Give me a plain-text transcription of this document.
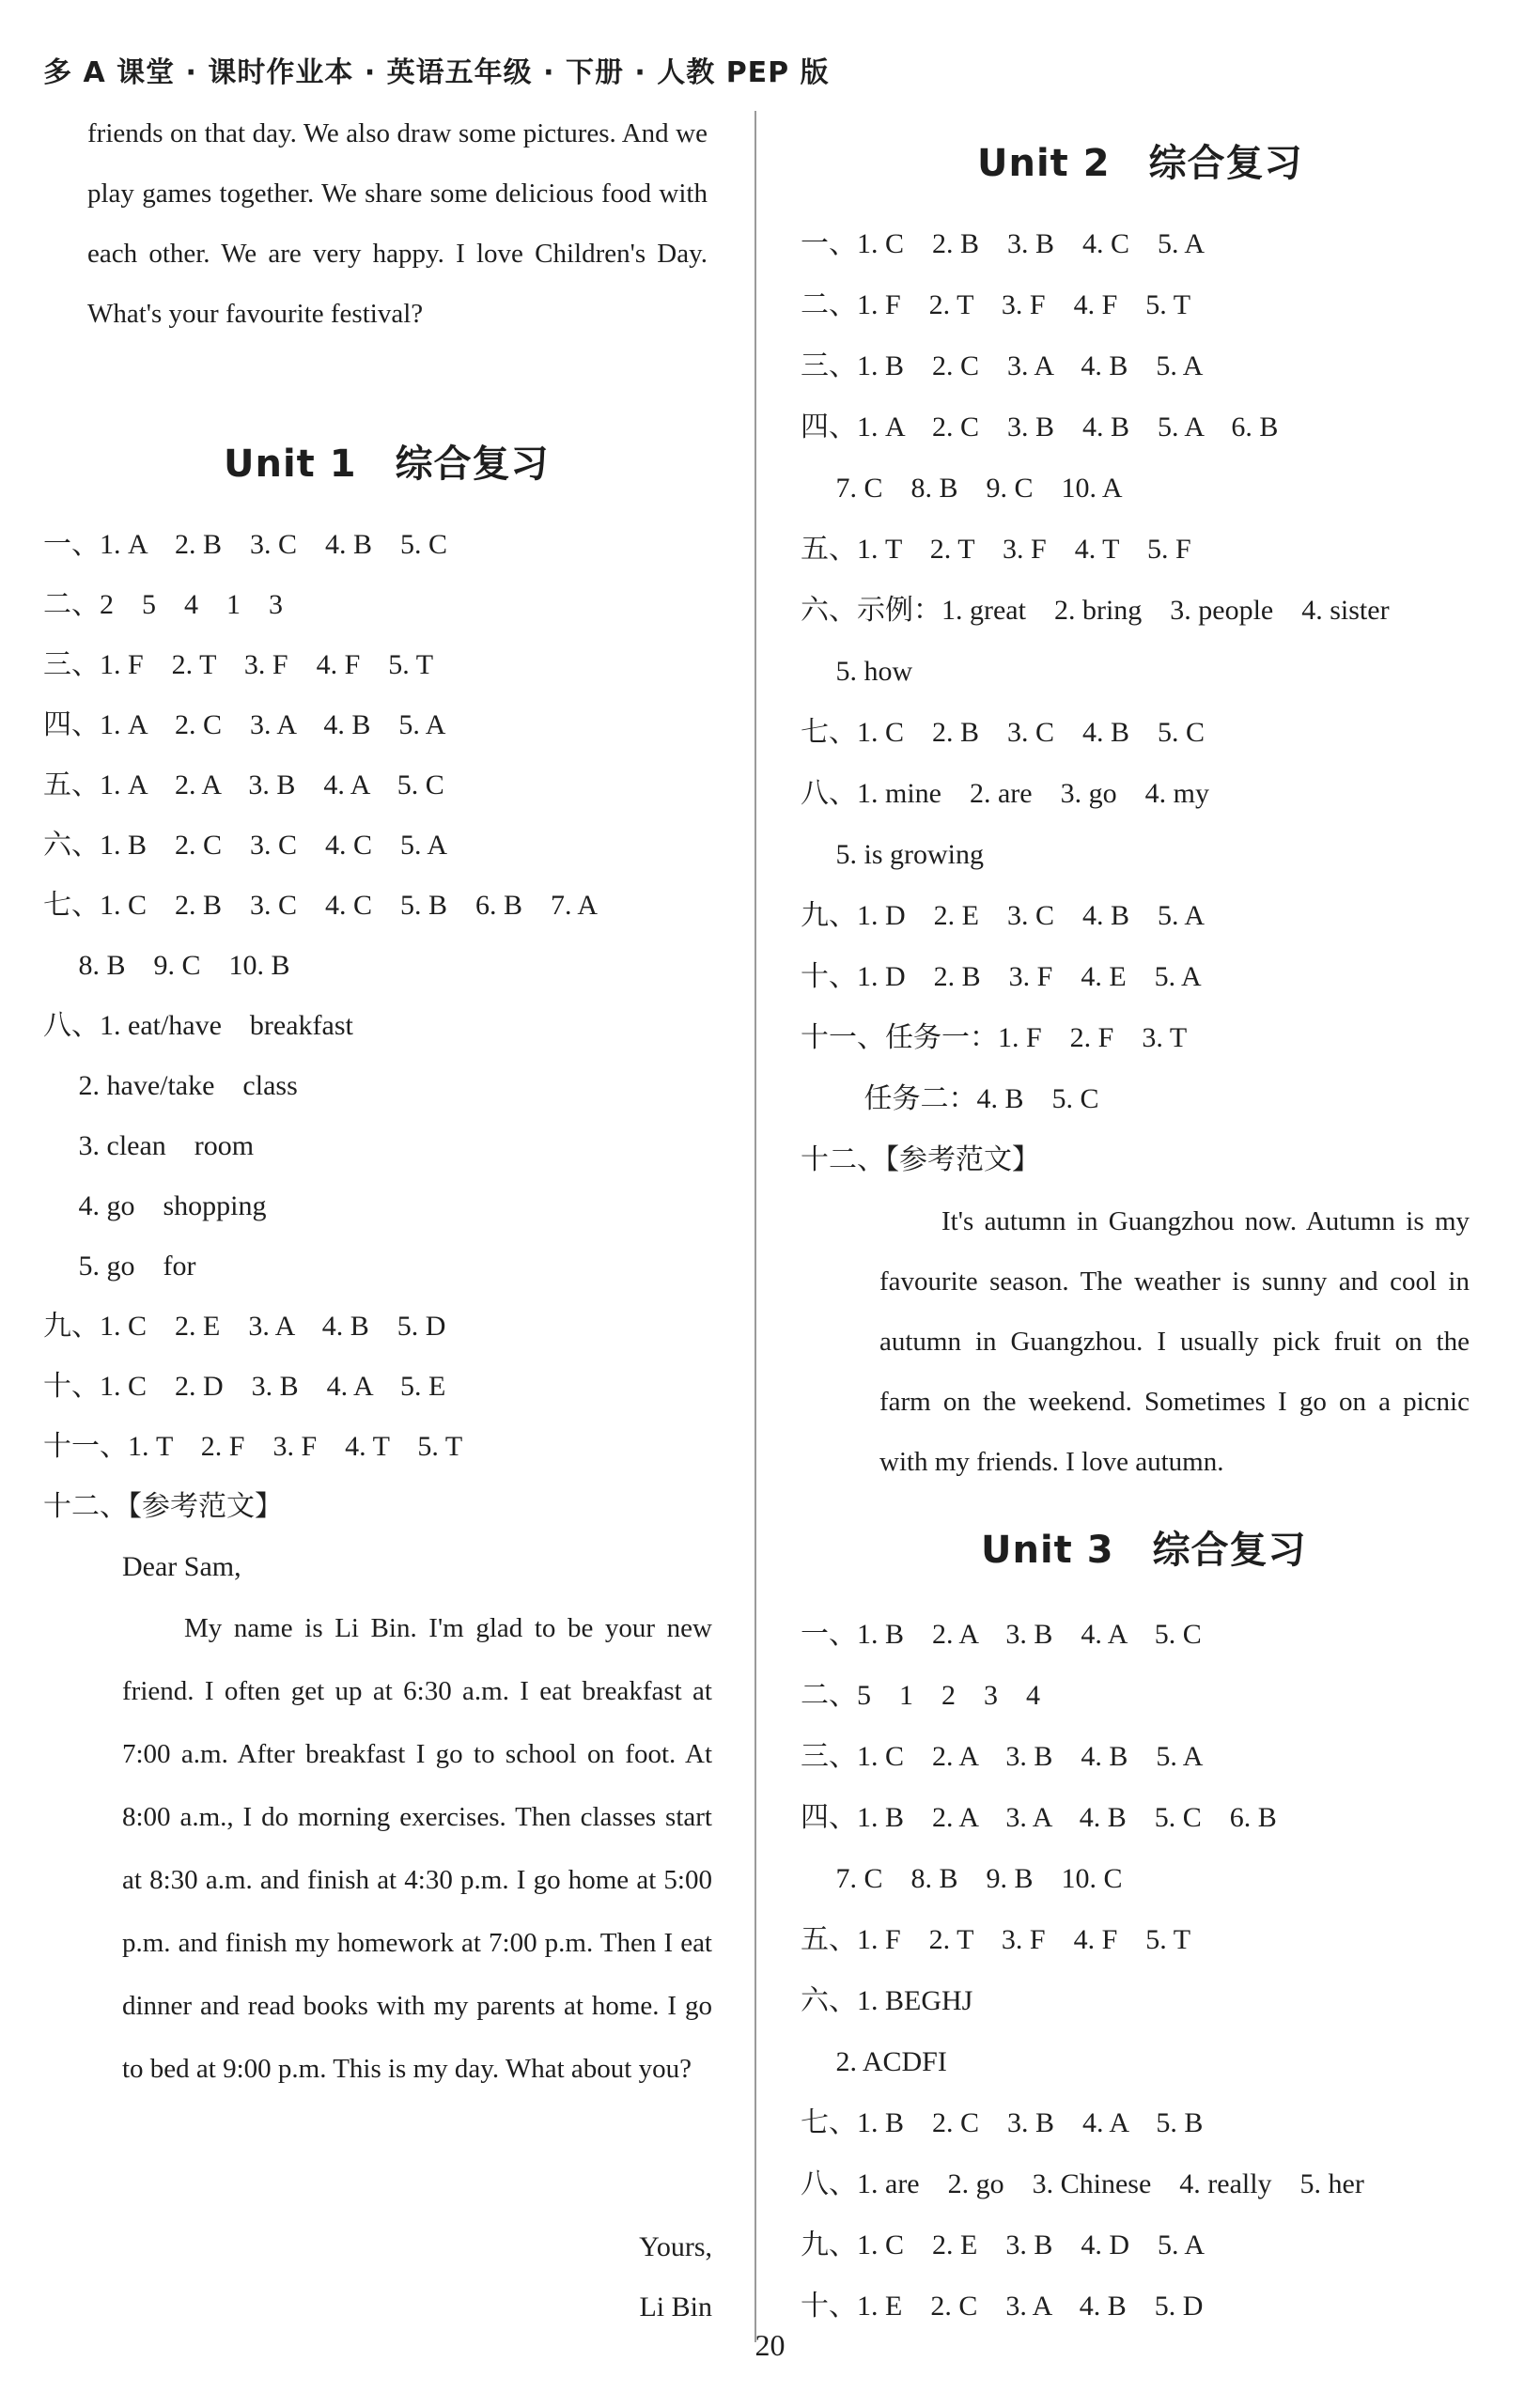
多 A 课堂 · 课时作业本 · 英语五年级 · 下册 · 人教 PEP 版

friends on that day. We also draw some pictures. And we play games together. We share some delicious food with each other. We are very happy. I love Children's Day. What's your favourite festival?

Unit 1　综合复习
一、1. A　2. B　3. C　4. B　5. C
二、2　5　4　1　3
三、1. F　2. T　3. F　4. F　5. T
四、1. A　2. C　3. A　4. B　5. A
五、1. A　2. A　3. B　4. A　5. C
六、1. B　2. C　3. C　4. C　5. A
七、1. C　2. B　3. C　4. C　5. B　6. B　7. A
　 8. B　9. C　10. B
八、1. eat/have　breakfast
　 2. have/take　class
　 3. clean　room
　 4. go　shopping
　 5. go　for
九、1. C　2. E　3. A　4. B　5. D
十、1. C　2. D　3. B　4. A　5. E
十一、1. T　2. F　3. F　4. T　5. T
十二、【参考范文】
Dear Sam,

My name is Li Bin. I'm glad to be your new friend. I often get up at 6:30 a.m. I eat breakfast at 7:00 a.m. After breakfast I go to school on foot. At 8:00 a.m., I do morning exercises. Then classes start at 8:30 a.m. and finish at 4:30 p.m. I go home at 5:00 p.m. and finish my homework at 7:00 p.m. Then I eat dinner and read books with my parents at home. I go to bed at 9:00 p.m. This is my day. What about you?

Yours,
Li Bin
Unit 2　综合复习
一、1. C　2. B　3. B　4. C　5. A
二、1. F　2. T　3. F　4. F　5. T
三、1. B　2. C　3. A　4. B　5. A
四、1. A　2. C　3. B　4. B　5. A　6. B
　 7. C　8. B　9. C　10. A
五、1. T　2. T　3. F　4. T　5. F
六、示例：1. great　2. bring　3. people　4. sister
　 5. how
七、1. C　2. B　3. C　4. B　5. C
八、1. mine　2. are　3. go　4. my
　 5. is growing
九、1. D　2. E　3. C　4. B　5. A
十、1. D　2. B　3. F　4. E　5. A
十一、任务一：1. F　2. F　3. T
　　 任务二：4. B　5. C
十二、【参考范文】

It's autumn in Guangzhou now. Autumn is my favourite season. The weather is sunny and cool in autumn in Guangzhou. I usually pick fruit on the farm on the weekend. Sometimes I go on a picnic with my friends. I love autumn.

Unit 3　综合复习
一、1. B　2. A　3. B　4. A　5. C
二、5　1　2　3　4
三、1. C　2. A　3. B　4. B　5. A
四、1. B　2. A　3. A　4. B　5. C　6. B
　 7. C　8. B　9. B　10. C
五、1. F　2. T　3. F　4. F　5. T
六、1. BEGHJ
　 2. ACDFI
七、1. B　2. C　3. B　4. A　5. B
八、1. are　2. go　3. Chinese　4. really　5. her
九、1. C　2. E　3. B　4. D　5. A
十、1. E　2. C　3. A　4. B　5. D
20
